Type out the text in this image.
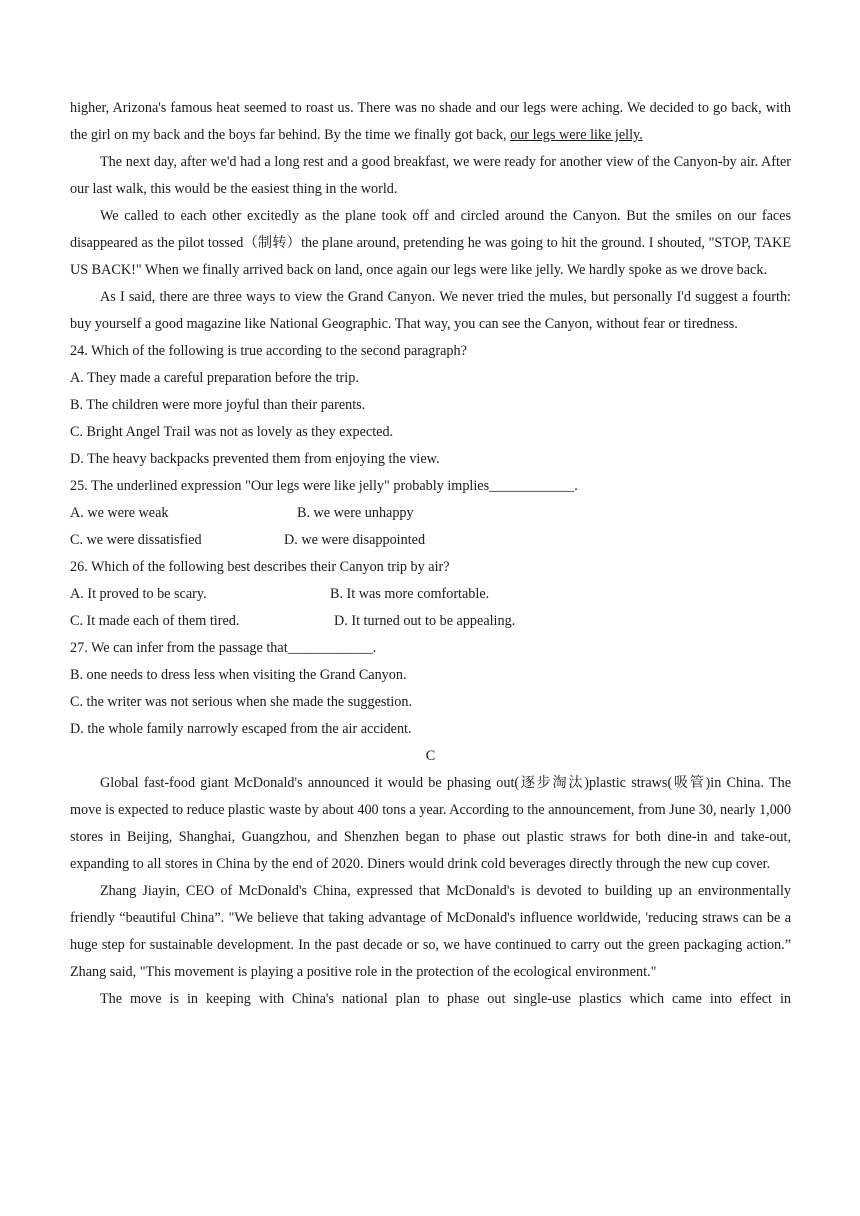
higher, Arizona's famous heat seemed to roast us. There was no shade and our legs were aching. We decided to go back, with the girl on my back and the boys far behind. By the time we finally got back, our legs were like jelly.

The next day, after we'd had a long rest and a good breakfast, we were ready for another view of the Canyon-by air. After our last walk, this would be the easiest thing in the world.

We called to each other excitedly as the plane took off and circled around the Canyon. But the smiles on our faces disappeared as the pilot tossed（制转）the plane around, pretending he was going to hit the ground. I shouted, "STOP, TAKE US BACK!" When we finally arrived back on land, once again our legs were like jelly. We hardly spoke as we drove back.

As I said, there are three ways to view the Grand Canyon. We never tried the mules, but personally I'd suggest a fourth: buy yourself a good magazine like National Geographic. That way, you can see the Canyon, without fear or tiredness.

24. Which of the following is true according to the second paragraph?

A. They made a careful preparation before the trip.

B. The children were more joyful than their parents.

C. Bright Angel Trail was not as lovely as they expected.

D. The heavy backpacks prevented them from enjoying the view.

25. The underlined expression "Our legs were like jelly" probably implies____________.

A. we were weak	B. we were unhappy
C. we were dissatisfied	D. we were disappointed

26. Which of the following best describes their Canyon trip by air?

A. It proved to be scary.	B. It was more comfortable.
C. It made each of them tired.	D. It turned out to be appealing.

27. We can infer from the passage that____________.

B. one needs to dress less when visiting the Grand Canyon.

C. the writer was not serious when she made the suggestion.

D. the whole family narrowly escaped from the air accident.

C

Global fast-food giant McDonald's announced it would be phasing out(逐步淘汰)plastic straws(吸管)in China. The move is expected to reduce plastic waste by about 400 tons a year. According to the announcement, from June 30, nearly 1,000 stores in Beijing, Shanghai, Guangzhou, and Shenzhen began to phase out plastic straws for both dine-in and take-out, expanding to all stores in China by the end of 2020. Diners would drink cold beverages directly through the new cup cover.

Zhang Jiayin, CEO of McDonald's China, expressed that McDonald's is devoted to building up an environmentally friendly “beautiful China”. "We believe that taking advantage of McDonald's influence worldwide, 'reducing straws can be a huge step for sustainable development. In the past decade or so, we have continued to carry out the green packaging action.” Zhang said, "This movement is playing a positive role in the protection of the ecological environment."

The move is in keeping with China's national plan to phase out single-use plastics which came into effect in
